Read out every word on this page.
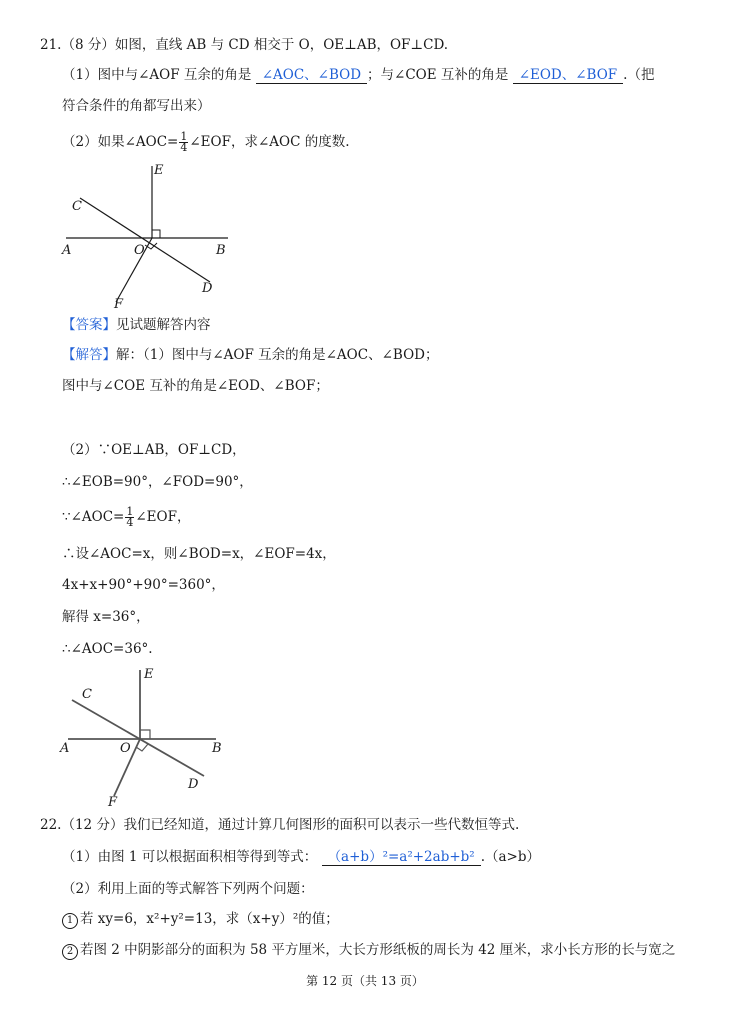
21.（8 分）如图，直线 AB 与 CD 相交于 O，OE⊥AB，OF⊥CD.
（1）图中与∠AOF 互余的角是 ∠AOC、∠BOD ；与∠COE 互补的角是 ∠EOD、∠BOF .（把
符合条件的角都写出来）
（2）如果∠AOC= $\frac{1}{4}$ ∠EOF，求∠AOC 的度数.
E
C
A	O	B
D
F
【答案】见试题解答内容
【解答】解：（1）图中与∠AOF 互余的角是∠AOC、∠BOD；
图中与∠COE 互补的角是∠EOD、∠BOF；
（2）∵OE⊥AB，OF⊥CD，
∴∠EOB=90°，∠FOD=90°，
∵∠AOC= $\frac{1}{4}$ ∠EOF，
∴设∠AOC=x，则∠BOD=x，∠EOF=4x，
4x+x+90°+90°=360°，
解得 x=36°，
∴∠AOC=36°.
E
C
A	O	B
D
F
22.（12 分）我们已经知道，通过计算几何图形的面积可以表示一些代数恒等式.
（1）由图 1 可以根据面积相等得到等式： （a+b）²=a²+2ab+b² .（a>b）
（2）利用上面的等式解答下列两个问题：
1 若 xy=6，x²+y²=13，求（x+y）²的值；
2 若图 2 中阴影部分的面积为 58 平方厘米，大长方形纸板的周长为 42 厘米，求小长方形的长与宽之
第 12 页（共 13 页）
